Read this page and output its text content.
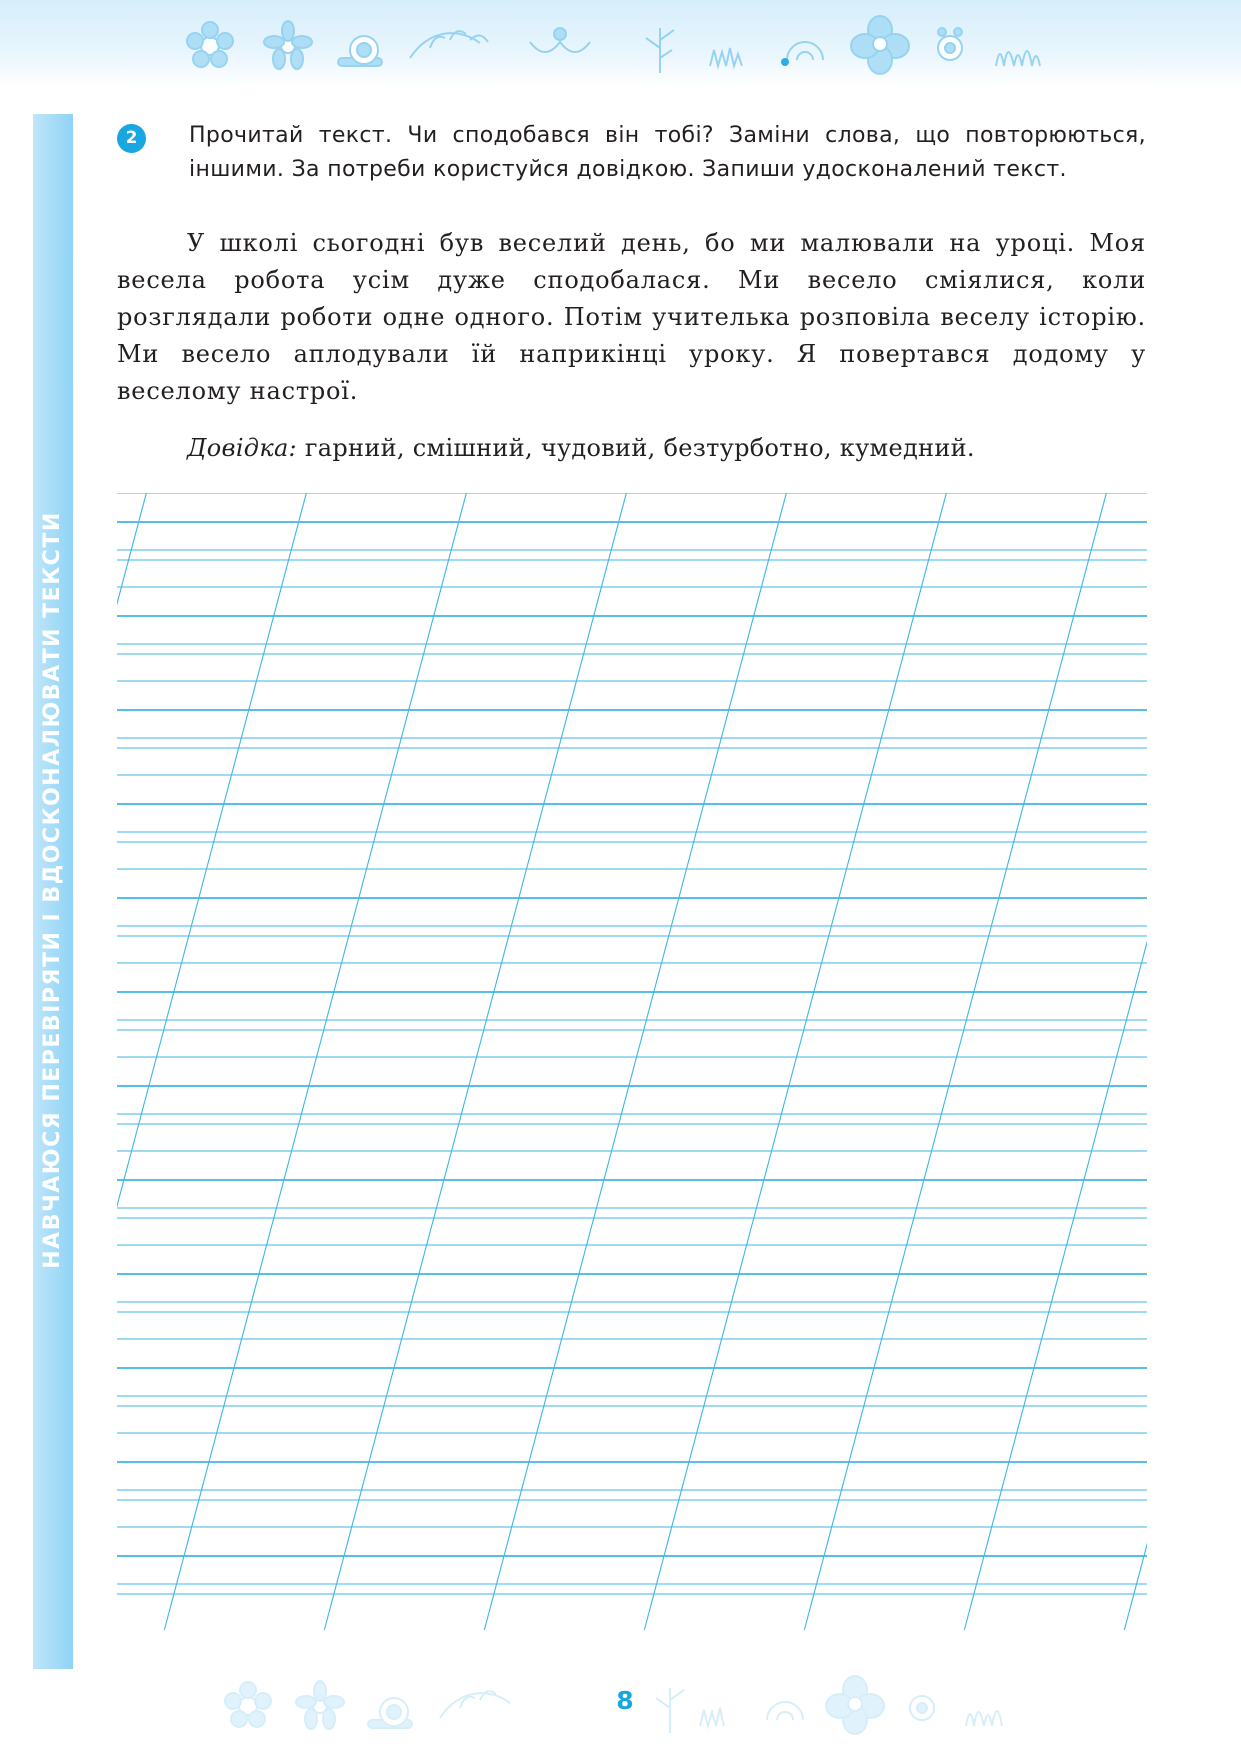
НАВЧАЮСЯ ПЕРЕВІРЯТИ І ВДОСКОНАЛЮВАТИ ТЕКСТИ
2	Прочитай текст. Чи сподобався він тобі? Заміни слова, що повторюються, іншими. За потреби користуйся довідкою. Запиши удосконалений текст.

У школі сьогодні був веселий день, бо ми малювали на уроці. Моя весела робота усім дуже сподобалася. Ми весело сміялися, коли розглядали роботи одне одного. Потім учителька розповіла веселу історію. Ми весело аплодували їй наприкінці уроку. Я повертався додому у веселому настрої.

Довідка: гарний, смішний, чудовий, безтурботно, кумедний.

8
